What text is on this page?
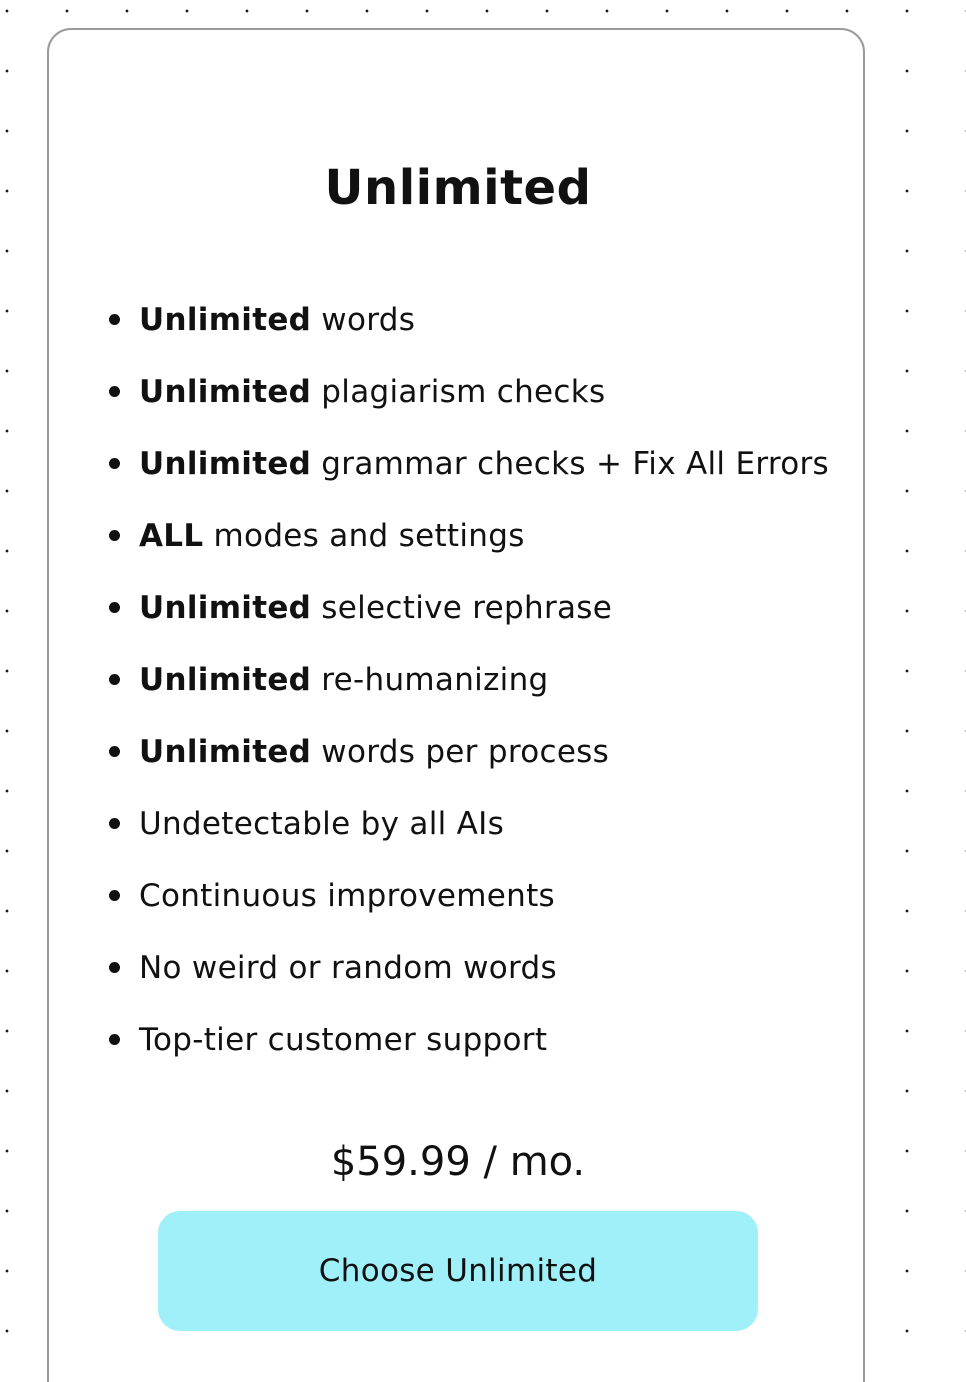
Unlimited
Unlimited words
Unlimited plagiarism checks
Unlimited grammar checks + Fix All Errors
ALL modes and settings
Unlimited selective rephrase
Unlimited re-humanizing
Unlimited words per process
Undetectable by all AIs
Continuous improvements
No weird or random words
Top-tier customer support
$59.99 / mo.
Choose Unlimited
